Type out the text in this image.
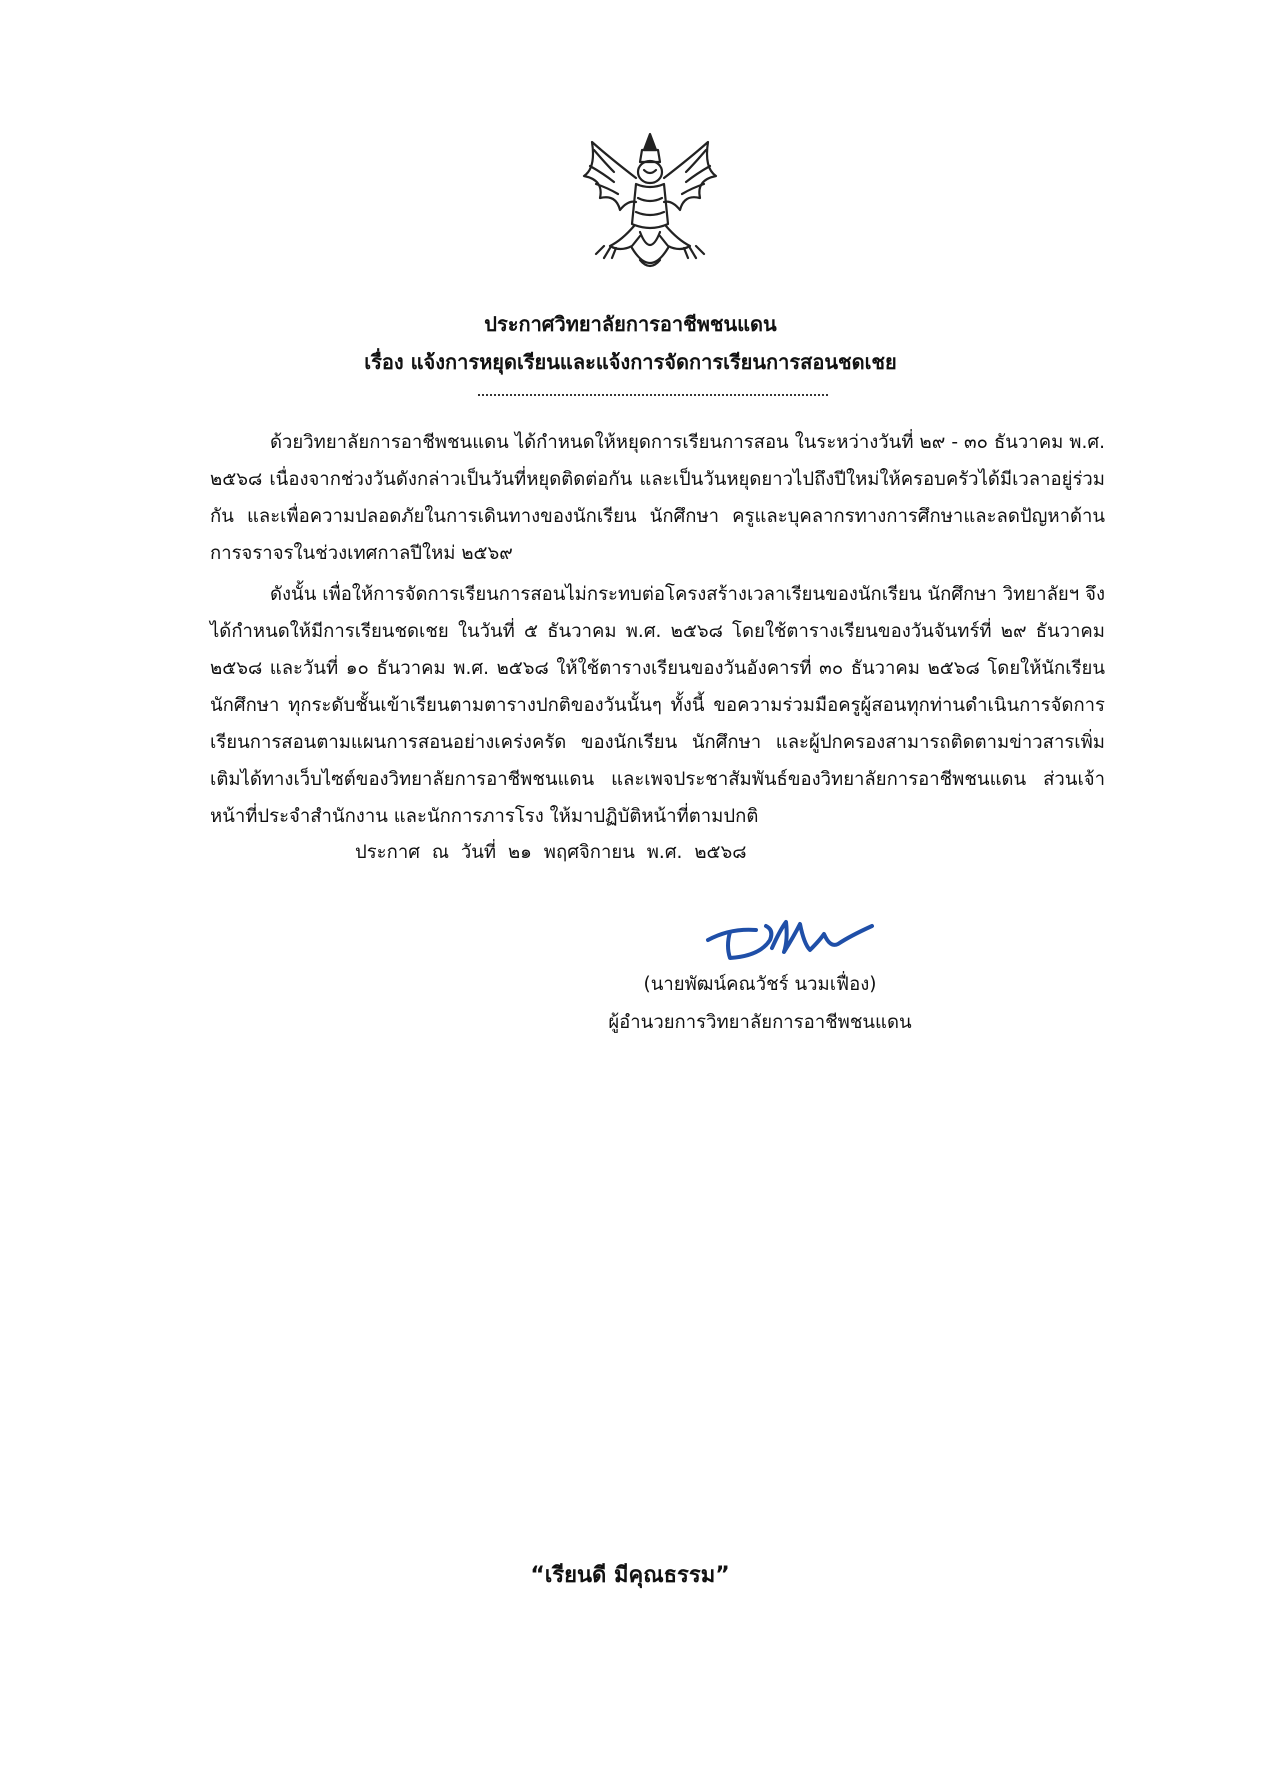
ประกาศวิทยาลัยการอาชีพชนแดน
เรื่อง แจ้งการหยุดเรียนและแจ้งการจัดการเรียนการสอนชดเชย
ด้วยวิทยาลัยการอาชีพชนแดน ได้กำหนดให้หยุดการเรียนการสอน ในระหว่างวันที่ ๒๙ - ๓๐ ธันวาคม พ.ศ. ๒๕๖๘ เนื่องจากช่วงวันดังกล่าวเป็นวันที่หยุดติดต่อกัน และเป็นวันหยุดยาวไปถึงปีใหม่ให้ครอบครัวได้มีเวลาอยู่ร่วมกัน และเพื่อความปลอดภัยในการเดินทางของนักเรียน นักศึกษา ครูและบุคลากรทางการศึกษาและลดปัญหาด้านการจราจรในช่วงเทศกาลปีใหม่ ๒๕๖๙
ดังนั้น เพื่อให้การจัดการเรียนการสอนไม่กระทบต่อโครงสร้างเวลาเรียนของนักเรียน นักศึกษา วิทยาลัยฯ จึงได้กำหนดให้มีการเรียนชดเชย ในวันที่ ๕ ธันวาคม พ.ศ. ๒๕๖๘ โดยใช้ตารางเรียนของวันจันทร์ที่ ๒๙ ธันวาคม ๒๕๖๘ และวันที่ ๑๐ ธันวาคม พ.ศ. ๒๕๖๘ ให้ใช้ตารางเรียนของวันอังคารที่ ๓๐ ธันวาคม ๒๕๖๘ โดยให้นักเรียน นักศึกษา ทุกระดับชั้นเข้าเรียนตามตารางปกติของวันนั้นๆ ทั้งนี้ ขอความร่วมมือครูผู้สอนทุกท่านดำเนินการจัดการเรียนการสอนตามแผนการสอนอย่างเคร่งครัด ของนักเรียน นักศึกษา และผู้ปกครองสามารถติดตามข่าวสารเพิ่มเติมได้ทางเว็บไซต์ของวิทยาลัยการอาชีพชนแดน และเพจประชาสัมพันธ์ของวิทยาลัยการอาชีพชนแดน ส่วนเจ้าหน้าที่ประจำสำนักงาน และนักการภารโรง ให้มาปฏิบัติหน้าที่ตามปกติ
ประกาศ ณ วันที่ ๒๑ พฤศจิกายน พ.ศ. ๒๕๖๘
(นายพัฒน์คณวัชร์ นวมเฟื่อง)
ผู้อำนวยการวิทยาลัยการอาชีพชนแดน
“เรียนดี มีคุณธรรม”
